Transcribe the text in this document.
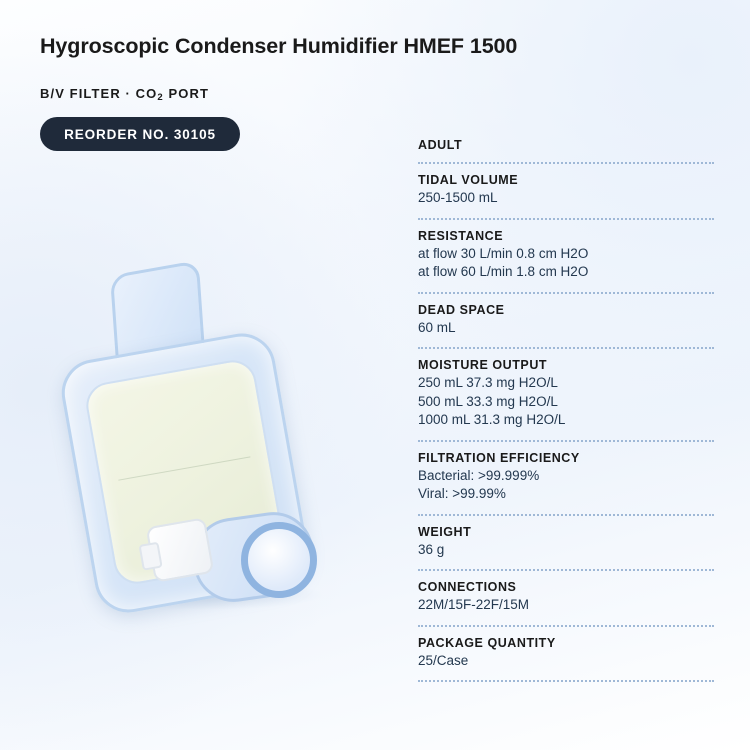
Hygroscopic Condenser Humidifier HMEF 1500
B/V FILTER · $CO_2$ PORT
REORDER NO. 30105
ADULT
TIDAL VOLUME
250-1500 mL
RESISTANCE
at flow 30 L/min 0.8 cm H2O
at flow 60 L/min 1.8 cm H2O
DEAD SPACE
60 mL
MOISTURE OUTPUT
250 mL 37.3 mg H2O/L
500 mL 33.3 mg H2O/L
1000 mL 31.3 mg H2O/L
FILTRATION EFFICIENCY
Bacterial: >99.999%
Viral: >99.99%
WEIGHT
36 g
CONNECTIONS
22M/15F-22F/15M
PACKAGE QUANTITY
25/Case
